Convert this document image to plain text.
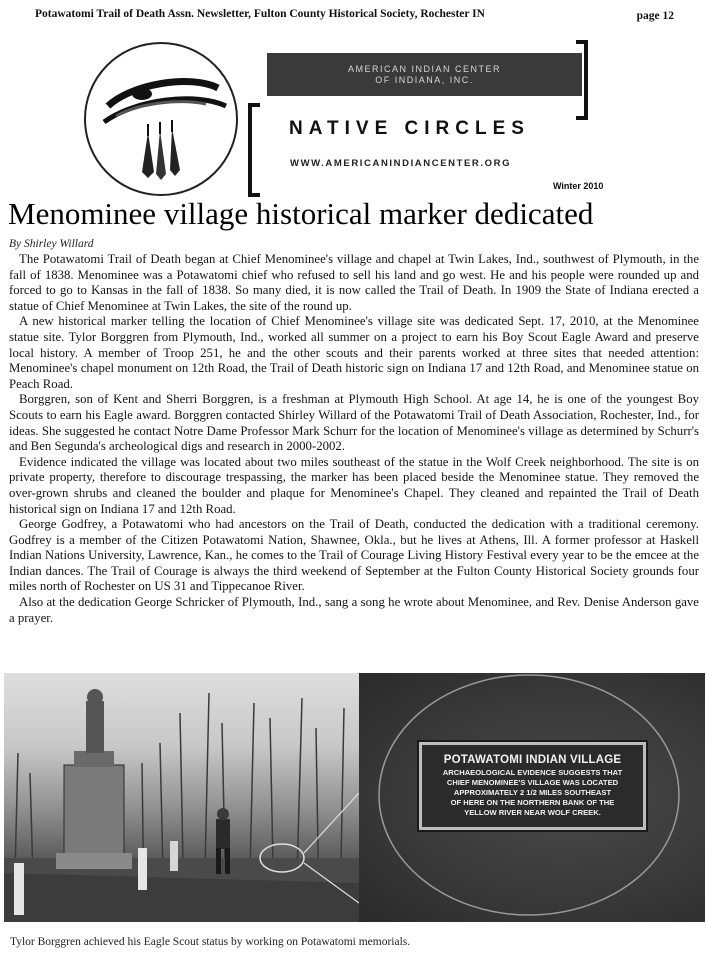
Potawatomi Trail of Death Assn. Newsletter, Fulton County Historical Society, Rochester IN	page 12
AMERICAN INDIAN CENTER
OF INDIANA, INC.
NATIVE CIRCLES
WWW.AMERICANINDIANCENTER.ORG
Winter 2010
Menominee village historical marker dedicated
By Shirley Willard

The Potawatomi Trail of Death began at Chief Menominee's village and chapel at Twin Lakes, Ind., southwest of Plymouth, in the fall of 1838. Menominee was a Potawatomi chief who refused to sell his land and go west. He and his people were rounded up and forced to go to Kansas in the fall of 1838. So many died, it is now called the Trail of Death. In 1909 the State of Indiana erected a statue of Chief Menominee at Twin Lakes, the site of the round up.

A new historical marker telling the location of Chief Menominee's village site was dedicated Sept. 17, 2010, at the Menominee statue site. Tylor Borggren from Plymouth, Ind., worked all summer on a project to earn his Boy Scout Eagle Award and preserve local history. A member of Troop 251, he and the other scouts and their parents worked at three sites that needed attention: Menominee's chapel monument on 12th Road, the Trail of Death historic sign on Indiana 17 and 12th Road, and Menominee statue on Peach Road.

Borggren, son of Kent and Sherri Borggren, is a freshman at Plymouth High School. At age 14, he is one of the youngest Boy Scouts to earn his Eagle award. Borggren contacted Shirley Willard of the Potawatomi Trail of Death Association, Rochester, Ind., for ideas. She suggested he contact Notre Dame Professor Mark Schurr for the location of Menominee's village as determined by Schurr's and Ben Segunda's archeological digs and research in 2000-2002.

Evidence indicated the village was located about two miles southeast of the statue in the Wolf Creek neighborhood. The site is on private property, therefore to discourage trespassing, the marker has been placed beside the Menominee statue. They removed the over-grown shrubs and cleaned the boulder and plaque for Menominee's Chapel. They cleaned and repainted the Trail of Death historical sign on Indiana 17 and 12th Road.

George Godfrey, a Potawatomi who had ancestors on the Trail of Death, conducted the dedication with a traditional ceremony. Godfrey is a member of the Citizen Potawatomi Nation, Shawnee, Okla., but he lives at Athens, Ill. A former professor at Haskell Indian Nations University, Lawrence, Kan., he comes to the Trail of Courage Living History Festival every year to be the emcee at the Indian dances. The Trail of Courage is always the third weekend of September at the Fulton County Historical Society grounds four miles north of Rochester on US 31 and Tippecanoe River.

Also at the dedication George Schricker of Plymouth, Ind., sang a song he wrote about Menominee, and Rev. Denise Anderson gave a prayer.

POTAWATOMI INDIAN VILLAGE
ARCHAEOLOGICAL EVIDENCE SUGGESTS THAT
CHIEF MENOMINEE'S VILLAGE WAS LOCATED
APPROXIMATELY 2 1/2 MILES SOUTHEAST
OF HERE ON THE NORTHERN BANK OF THE
YELLOW RIVER NEAR WOLF CREEK.
Tylor Borggren achieved his Eagle Scout status by working on Potawatomi memorials.
